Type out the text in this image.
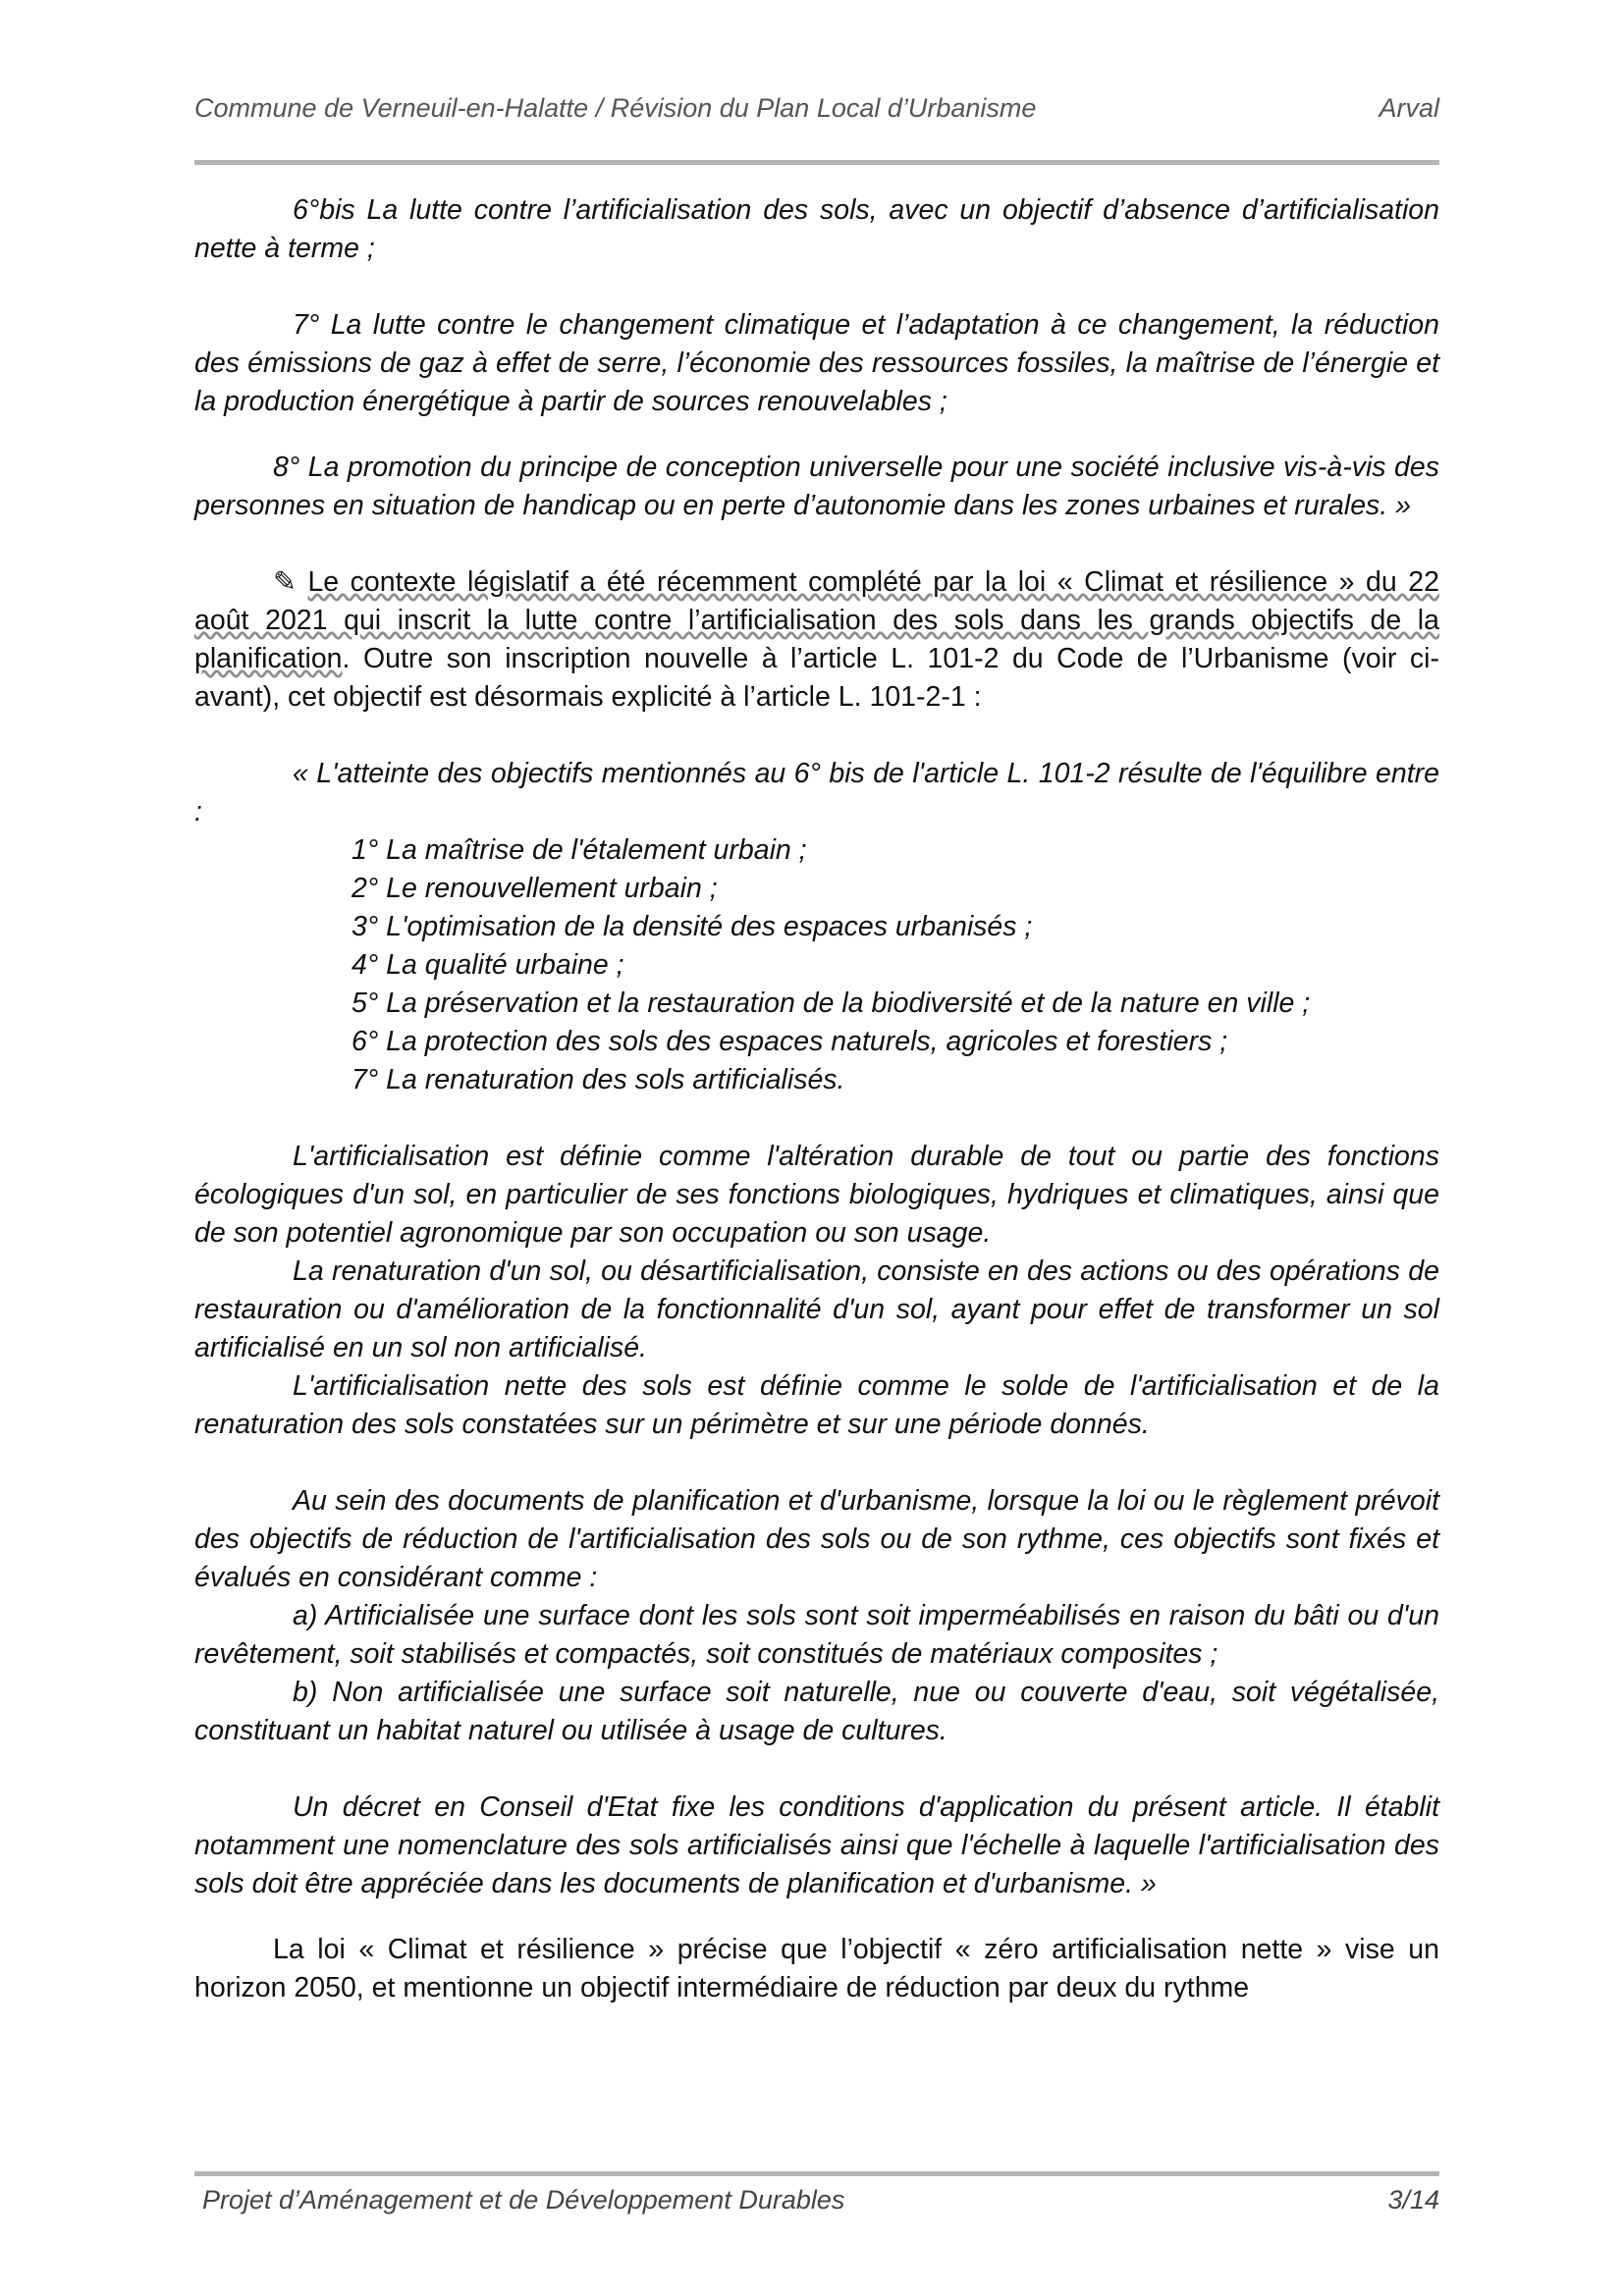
Commune de Verneuil-en-Halatte / Révision du Plan Local d’Urbanisme	Arval

6°bis La lutte contre l’artificialisation des sols, avec un objectif d’absence d’artificialisation nette à terme ;

7° La lutte contre le changement climatique et l’adaptation à ce changement, la réduction des émissions de gaz à effet de serre, l’économie des ressources fossiles, la maîtrise de l’énergie et la production énergétique à partir de sources renouvelables ;

8° La promotion du principe de conception universelle pour une société inclusive vis-à-vis des personnes en situation de handicap ou en perte d’autonomie dans les zones urbaines et rurales. »

✎ Le contexte législatif a été récemment complété par la loi « Climat et résilience » du 22 août 2021 qui inscrit la lutte contre l’artificialisation des sols dans les grands objectifs de la planification. Outre son inscription nouvelle à l’article L. 101-2 du Code de l’Urbanisme (voir ci-avant), cet objectif est désormais explicité à l’article L. 101-2-1 :

« L'atteinte des objectifs mentionnés au 6° bis de l'article L. 101-2 résulte de l'équilibre entre :

1° La maîtrise de l'étalement urbain ;
2° Le renouvellement urbain ;
3° L'optimisation de la densité des espaces urbanisés ;
4° La qualité urbaine ;
5° La préservation et la restauration de la biodiversité et de la nature en ville ;
6° La protection des sols des espaces naturels, agricoles et forestiers ;
7° La renaturation des sols artificialisés.

L'artificialisation est définie comme l'altération durable de tout ou partie des fonctions écologiques d'un sol, en particulier de ses fonctions biologiques, hydriques et climatiques, ainsi que de son potentiel agronomique par son occupation ou son usage.

La renaturation d'un sol, ou désartificialisation, consiste en des actions ou des opérations de restauration ou d'amélioration de la fonctionnalité d'un sol, ayant pour effet de transformer un sol artificialisé en un sol non artificialisé.

L'artificialisation nette des sols est définie comme le solde de l'artificialisation et de la renaturation des sols constatées sur un périmètre et sur une période donnés.

Au sein des documents de planification et d'urbanisme, lorsque la loi ou le règlement prévoit des objectifs de réduction de l'artificialisation des sols ou de son rythme, ces objectifs sont fixés et évalués en considérant comme :

a) Artificialisée une surface dont les sols sont soit imperméabilisés en raison du bâti ou d'un revêtement, soit stabilisés et compactés, soit constitués de matériaux composites ;

b) Non artificialisée une surface soit naturelle, nue ou couverte d'eau, soit végétalisée, constituant un habitat naturel ou utilisée à usage de cultures.

Un décret en Conseil d'Etat fixe les conditions d'application du présent article. Il établit notamment une nomenclature des sols artificialisés ainsi que l'échelle à laquelle l'artificialisation des sols doit être appréciée dans les documents de planification et d'urbanisme. »

La loi « Climat et résilience » précise que l’objectif « zéro artificialisation nette » vise un horizon 2050, et mentionne un objectif intermédiaire de réduction par deux du rythme

Projet d’Aménagement et de Développement Durables	3/14
